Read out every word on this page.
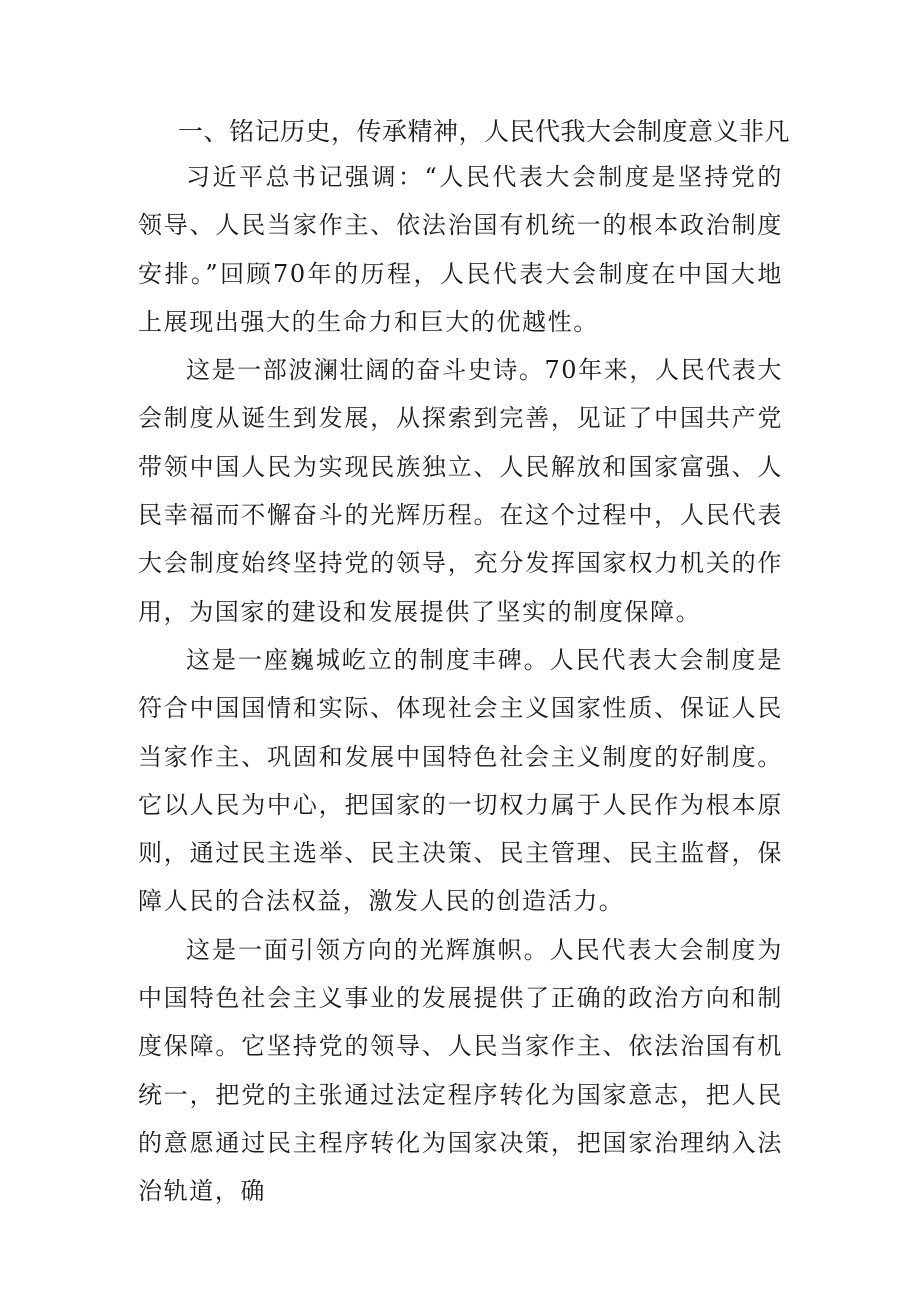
一、铭记历史，传承精神，人民代我大会制度意义非凡

习近平总书记强调：“人民代表大会制度是坚持党的领导、人民当家作主、依法治国有机统一的根本政治制度安排。”回顾70年的历程，人民代表大会制度在中国大地上展现出强大的生命力和巨大的优越性。

这是一部波澜壮阔的奋斗史诗。70年来，人民代表大会制度从诞生到发展，从探索到完善，见证了中国共产党带领中国人民为实现民族独立、人民解放和国家富强、人民幸福而不懈奋斗的光辉历程。在这个过程中，人民代表大会制度始终坚持党的领导，充分发挥国家权力机关的作用，为国家的建设和发展提供了坚实的制度保障。

这是一座巍城屹立的制度丰碑。人民代表大会制度是符合中国国情和实际、体现社会主义国家性质、保证人民当家作主、巩固和发展中国特色社会主义制度的好制度。它以人民为中心，把国家的一切权力属于人民作为根本原则，通过民主选举、民主决策、民主管理、民主监督，保障人民的合法权益，激发人民的创造活力。

这是一面引领方向的光辉旗帜。人民代表大会制度为中国特色社会主义事业的发展提供了正确的政治方向和制度保障。它坚持党的领导、人民当家作主、依法治国有机统一，把党的主张通过法定程序转化为国家意志，把人民的意愿通过民主程序转化为国家决策，把国家治理纳入法治轨道，确
